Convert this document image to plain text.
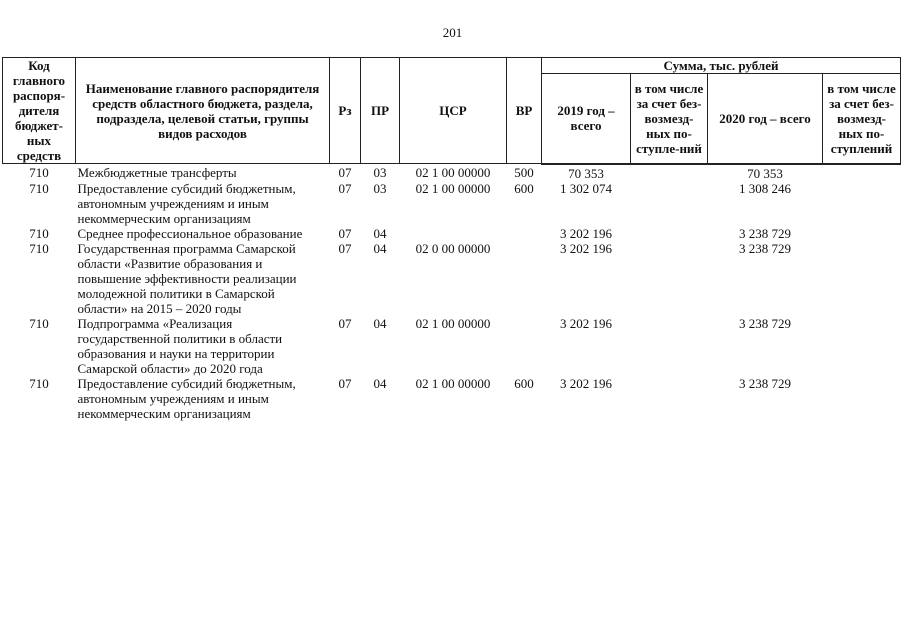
201
Код главного распоря-дителя бюджет-ных средств	Наименование главного распорядителя средств областного бюджета, раздела, подраздела, целевой статьи, группы видов расходов	Рз	ПР	ЦСР	ВР	Сумма, тыс. рублей			
						2019 год – всего	в том числе за счет без-возмезд-ных по-ступле-ний	2020 год – всего	в том числе за счет без-возмезд-ных по-ступлений
710	Межбюджетные трансферты	07	03	02 1 00 00000	500	70 353		70 353	
710	Предоставление субсидий бюджетным, автономным учреждениям и иным некоммерческим организациям	07	03	02 1 00 00000	600	1 302 074		1 308 246	
710	Среднее профессиональное образование	07	04			3 202 196		3 238 729	
710	Государственная программа Самарской области «Развитие образования и повышение эффективности реализации молодежной политики в Самарской области» на 2015 – 2020 годы	07	04	02 0 00 00000		3 202 196		3 238 729	
710	Подпрограмма «Реализация государственной политики в области образования и науки на территории Самарской области» до 2020 года	07	04	02 1 00 00000		3 202 196		3 238 729	
710	Предоставление субсидий бюджетным, автономным учреждениям и иным некоммерческим организациям	07	04	02 1 00 00000	600	3 202 196		3 238 729	
